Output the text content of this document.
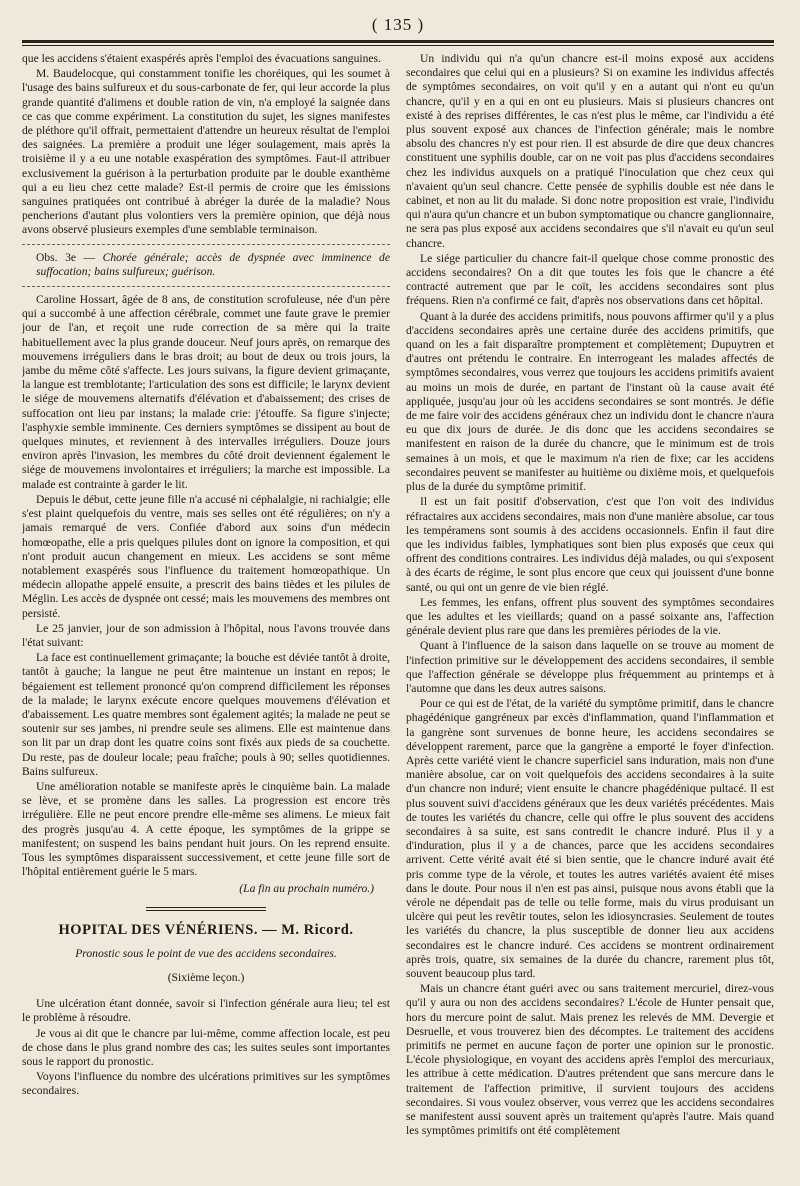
( 135 )

que les accidens s'étaient exaspérés après l'emploi des évacuations sanguines.

M. Baudelocque, qui constamment tonifie les choréiques, qui les soumet à l'usage des bains sulfureux et du sous-carbonate de fer, qui leur accorde la plus grande quantité d'alimens et double ration de vin, n'a employé la saignée dans ce cas que comme expériment. La constitution du sujet, les signes manifestes de pléthore qu'il offrait, permettaient d'attendre un heureux résultat de l'emploi des saignées. La première a produit une léger soulagement, mais après la troisième il y a eu une notable exaspération des symptômes. Faut-il attribuer exclusivement la guérison à la perturbation produite par le double exanthème qui a eu lieu chez cette malade? Est-il permis de croire que les émissions sanguines pratiquées ont contribué à abréger la durée de la maladie? Nous pencherions d'autant plus volontiers vers la première opinion, que déjà nous avons observé plusieurs exemples d'une semblable terminaison.

Obs. 3e — Chorée générale; accès de dyspnée avec imminence de suffocation; bains sulfureux; guérison.

Caroline Hossart, âgée de 8 ans, de constitution scrofuleuse, née d'un père qui a succombé à une affection cérébrale, commet une faute grave le premier jour de l'an, et reçoit une rude correction de sa mère qui la traite habituellement avec la plus grande douceur. Neuf jours après, on remarque des mouvemens irréguliers dans le bras droit; au bout de deux ou trois jours, la jambe du même côté s'affecte. Les jours suivans, la figure devient grimaçante, la langue est tremblotante; l'articulation des sons est difficile; le larynx devient le siége de mouvemens alternatifs d'élévation et d'abaissement; des crises de suffocation ont lieu par instans; la malade crie: j'étouffe. Sa figure s'injecte; l'asphyxie semble imminente. Ces derniers symptômes se dissipent au bout de quelques minutes, et reviennent à des intervalles irréguliers. Douze jours environ après l'invasion, les membres du côté droit deviennent également le siége de mouvemens involontaires et irréguliers; la marche est impossible. La malade est contrainte à garder le lit.

Depuis le début, cette jeune fille n'a accusé ni céphalalgie, ni rachialgie; elle s'est plaint quelquefois du ventre, mais ses selles ont été régulières; on n'y a jamais remarqué de vers. Confiée d'abord aux soins d'un médecin homœopathe, elle a pris quelques pilules dont on ignore la composition, et qui n'ont produit aucun changement en mieux. Les accidens se sont même notablement exaspérés sous l'influence du traitement homœopathique. Un médecin allopathe appelé ensuite, a prescrit des bains tièdes et les pilules de Méglin. Les accès de dyspnée ont cessé; mais les mouvemens des membres ont persisté.

Le 25 janvier, jour de son admission à l'hôpital, nous l'avons trouvée dans l'état suivant:

La face est continuellement grimaçante; la bouche est déviée tantôt à droite, tantôt à gauche; la langue ne peut être maintenue un instant en repos; le bégaiement est tellement prononcé qu'on comprend difficilement les réponses de la malade; le larynx exécute encore quelques mouvemens d'élévation et d'abaissement. Les quatre membres sont également agités; la malade ne peut se soutenir sur ses jambes, ni prendre seule ses alimens. Elle est maintenue dans son lit par un drap dont les quatre coins sont fixés aux pieds de sa couchette. Du reste, pas de douleur locale; peau fraîche; pouls à 90; selles quotidiennes. Bains sulfureux.

Une amélioration notable se manifeste après le cinquième bain. La malade se lève, et se promène dans les salles. La progression est encore très irrégulière. Elle ne peut encore prendre elle-même ses alimens. Le mieux fait des progrès jusqu'au 4. A cette époque, les symptômes de la grippe se manifestent; on suspend les bains pendant huit jours. On les reprend ensuite. Tous les symptômes disparaissent successivement, et cette jeune fille sort de l'hôpital entièrement guérie le 5 mars.

(La fin au prochain numéro.)

HOPITAL DES VÉNÉRIENS. — M. Ricord.

Pronostic sous le point de vue des accidens secondaires.

(Sixième leçon.)

Une ulcération étant donnée, savoir si l'infection générale aura lieu; tel est le problème à résoudre.

Je vous ai dit que le chancre par lui-même, comme affection locale, est peu de chose dans le plus grand nombre des cas; les suites seules sont importantes sous le rapport du pronostic.

Voyons l'influence du nombre des ulcérations primitives sur les symptômes secondaires.

Un individu qui n'a qu'un chancre est-il moins exposé aux accidens secondaires que celui qui en a plusieurs? Si on examine les individus affectés de symptômes secondaires, on voit qu'il y en a autant qui n'ont eu qu'un chancre, qu'il y en a qui en ont eu plusieurs. Mais si plusieurs chancres ont existé à des reprises différentes, le cas n'est plus le même, car l'individu a été plus souvent exposé aux chances de l'infection générale; mais le nombre absolu des chancres n'y est pour rien. Il est absurde de dire que deux chancres constituent une syphilis double, car on ne voit pas plus d'accidens secondaires chez les individus auxquels on a pratiqué l'inoculation que chez ceux qui n'avaient qu'un seul chancre. Cette pensée de syphilis double est née dans le cabinet, et non au lit du malade. Si donc notre proposition est vraie, l'individu qui n'aura qu'un chancre et un bubon symptomatique ou chancre ganglionnaire, ne sera pas plus exposé aux accidens secondaires que s'il n'avait eu qu'un seul chancre.

Le siége particulier du chancre fait-il quelque chose comme pronostic des accidens secondaires? On a dit que toutes les fois que le chancre a été contracté autrement que par le coït, les accidens secondaires sont plus fréquens. Rien n'a confirmé ce fait, d'après nos observations dans cet hôpital.

Quant à la durée des accidens primitifs, nous pouvons affirmer qu'il y a plus d'accidens secondaires après une certaine durée des accidens primitifs, que quand on les a fait disparaître promptement et complètement; Dupuytren et d'autres ont prétendu le contraire. En interrogeant les malades affectés de symptômes secondaires, vous verrez que toujours les accidens primitifs avaient au moins un mois de durée, en partant de l'instant où la cause avait été appliquée, jusqu'au jour où les accidens secondaires se sont montrés. Je défie de me faire voir des accidens généraux chez un individu dont le chancre n'aura eu que dix jours de durée. Je dis donc que les accidens secondaires se manifestent en raison de la durée du chancre, que le minimum est de trois semaines à un mois, et que le maximum n'a rien de fixe; car les accidens secondaires peuvent se manifester au huitième ou dixième mois, et quelquefois plus de la durée du symptôme primitif.

Il est un fait positif d'observation, c'est que l'on voit des individus réfractaires aux accidens secondaires, mais non d'une manière absolue, car tous les tempéramens sont soumis à des accidens occasionnels. Enfin il faut dire que les individus faibles, lymphatiques sont bien plus exposés que ceux qui offrent des conditions contraires. Les individus déjà malades, ou qui s'exposent à des écarts de régime, le sont plus encore que ceux qui jouissent d'une bonne santé, ou qui ont un genre de vie bien réglé.

Les femmes, les enfans, offrent plus souvent des symptômes secondaires que les adultes et les vieillards; quand on a passé soixante ans, l'affection générale devient plus rare que dans les premières périodes de la vie.

Quant à l'influence de la saison dans laquelle on se trouve au moment de l'infection primitive sur le développement des accidens secondaires, il semble que l'affection générale se développe plus fréquemment au printemps et à l'automne que dans les deux autres saisons.

Pour ce qui est de l'état, de la variété du symptôme primitif, dans le chancre phagédénique gangréneux par excès d'inflammation, quand l'inflammation et la gangrène sont survenues de bonne heure, les accidens secondaires se développent rarement, parce que la gangrène a emporté le foyer d'infection. Après cette variété vient le chancre superficiel sans induration, mais non d'une manière absolue, car on voit quelquefois des accidens secondaires à la suite d'un chancre non induré; vient ensuite le chancre phagédénique pultacé. Il est plus souvent suivi d'accidens généraux que les deux variétés précédentes. Mais de toutes les variétés du chancre, celle qui offre le plus souvent des accidens secondaires à sa suite, est sans contredit le chancre induré. Plus il y a d'induration, plus il y a de chances, parce que les accidens secondaires arrivent. Cette vérité avait été si bien sentie, que le chancre induré avait été pris comme type de la vérole, et toutes les autres variétés avaient été mises dans le doute. Pour nous il n'en est pas ainsi, puisque nous avons établi que la vérole ne dépendait pas de telle ou telle forme, mais du virus produisant un ulcère qui peut les revêtir toutes, selon les idiosyncrasies. Seulement de toutes les variétés du chancre, la plus susceptible de donner lieu aux accidens secondaires est le chancre induré. Ces accidens se montrent ordinairement après trois, quatre, six semaines de la durée du chancre, rarement plus tôt, souvent beaucoup plus tard.

Mais un chancre étant guéri avec ou sans traitement mercuriel, direz-vous qu'il y aura ou non des accidens secondaires? L'école de Hunter pensait que, hors du mercure point de salut. Mais prenez les relevés de MM. Devergie et Desruelle, et vous trouverez bien des décomptes. Le traitement des accidens primitifs ne permet en aucune façon de porter une opinion sur le pronostic. L'école physiologique, en voyant des accidens après l'emploi des mercuriaux, les attribue à cette médication. D'autres prétendent que sans mercure dans le traitement de l'affection primitive, il survient toujours des accidens secondaires. Si vous voulez observer, vous verrez que les accidens secondaires se manifestent aussi souvent après un traitement qu'après l'autre. Mais quand les symptômes primitifs ont été complètement
